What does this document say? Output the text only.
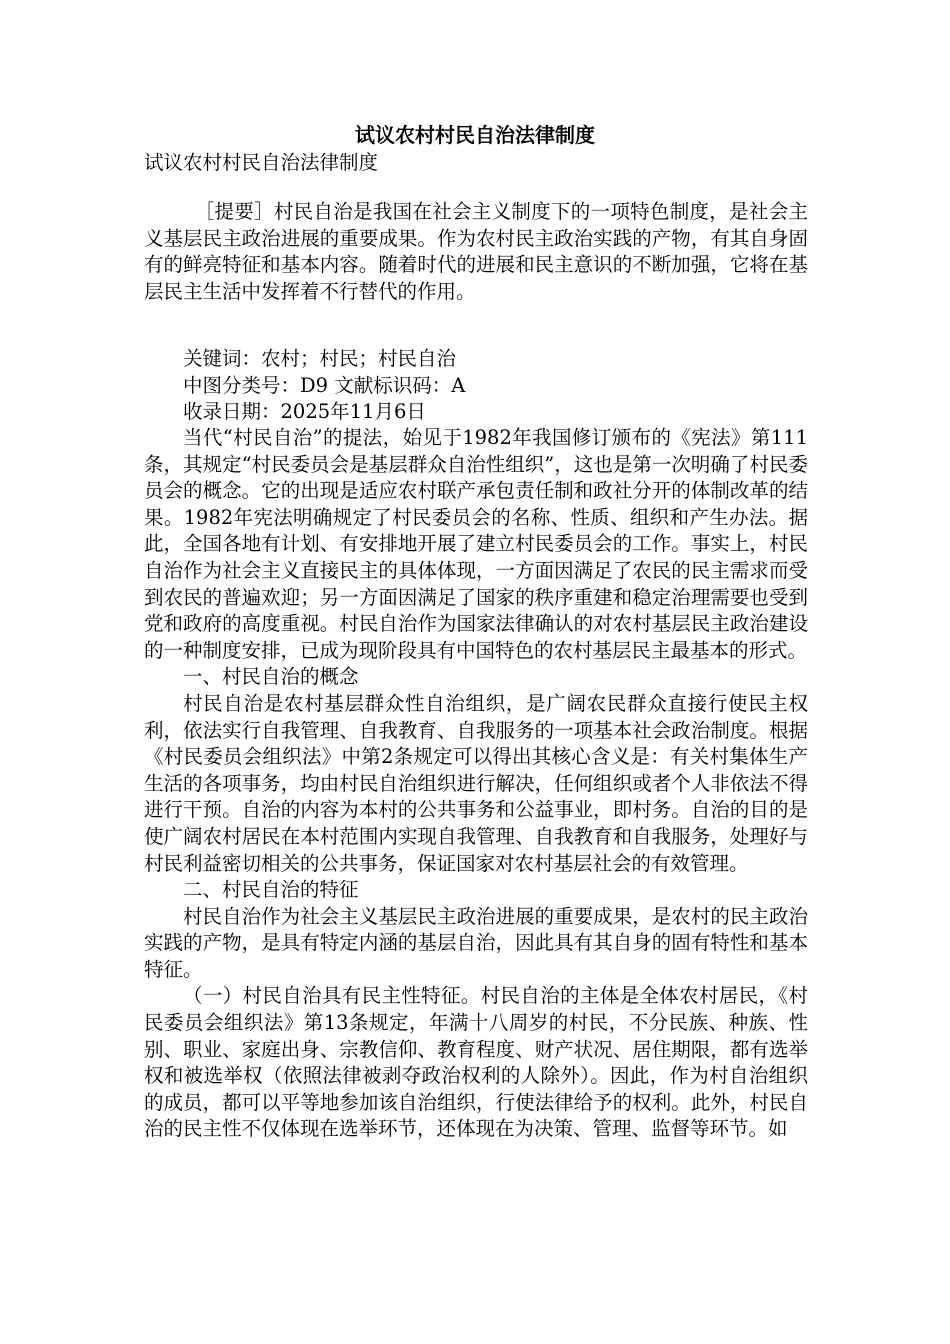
试议农村村民自治法律制度
试议农村村民自治法律制度

［提要］村民自治是我国在社会主义制度下的一项特色制度，是社会主义基层民主政治进展的重要成果。作为农村民主政治实践的产物，有其自身固有的鲜亮特征和基本内容。随着时代的进展和民主意识的不断加强，它将在基层民主生活中发挥着不行替代的作用。

关键词：农村；村民；村民自治

中图分类号：D9 文献标识码：A

收录日期：2025年11月6日

当代“村民自治”的提法，始见于1982年我国修订颁布的《宪法》第111条，其规定“村民委员会是基层群众自治性组织”，这也是第一次明确了村民委员会的概念。它的出现是适应农村联产承包责任制和政社分开的体制改革的结果。1982年宪法明确规定了村民委员会的名称、性质、组织和产生办法。据此，全国各地有计划、有安排地开展了建立村民委员会的工作。事实上，村民自治作为社会主义直接民主的具体体现，一方面因满足了农民的民主需求而受到农民的普遍欢迎；另一方面因满足了国家的秩序重建和稳定治理需要也受到党和政府的高度重视。村民自治作为国家法律确认的对农村基层民主政治建设的一种制度安排，已成为现阶段具有中国特色的农村基层民主最基本的形式。

一、村民自治的概念

村民自治是农村基层群众性自治组织，是广阔农民群众直接行使民主权利，依法实行自我管理、自我教育、自我服务的一项基本社会政治制度。根据《村民委员会组织法》中第2条规定可以得出其核心含义是：有关村集体生产生活的各项事务，均由村民自治组织进行解决，任何组织或者个人非依法不得进行干预。自治的内容为本村的公共事务和公益事业，即村务。自治的目的是使广阔农村居民在本村范围内实现自我管理、自我教育和自我服务，处理好与村民利益密切相关的公共事务，保证国家对农村基层社会的有效管理。

二、村民自治的特征

村民自治作为社会主义基层民主政治进展的重要成果，是农村的民主政治实践的产物，是具有特定内涵的基层自治，因此具有其自身的固有特性和基本特征。

（一）村民自治具有民主性特征。村民自治的主体是全体农村居民，《村民委员会组织法》第13条规定，年满十八周岁的村民，不分民族、种族、性别、职业、家庭出身、宗教信仰、教育程度、财产状况、居住期限，都有选举权和被选举权（依照法律被剥夺政治权利的人除外）。因此，作为村自治组织的成员，都可以平等地参加该自治组织，行使法律给予的权利。此外，村民自治的民主性不仅体现在选举环节，还体现在为决策、管理、监督等环节。如
